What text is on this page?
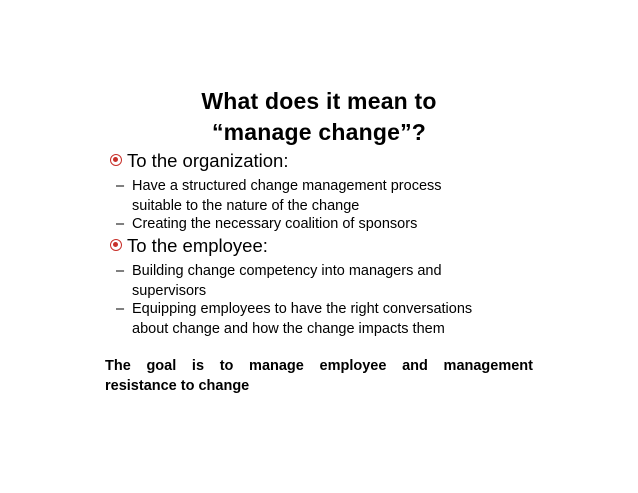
What does it mean to
“manage change”?
To the organization:
– Have a structured change management process
suitable to the nature of the change
– Creating the necessary coalition of sponsors
To the employee:
– Building change competency into managers and
supervisors
– Equipping employees to have the right conversations
about change and how the change impacts them
The goal is to manage employee and management
resistance to change
